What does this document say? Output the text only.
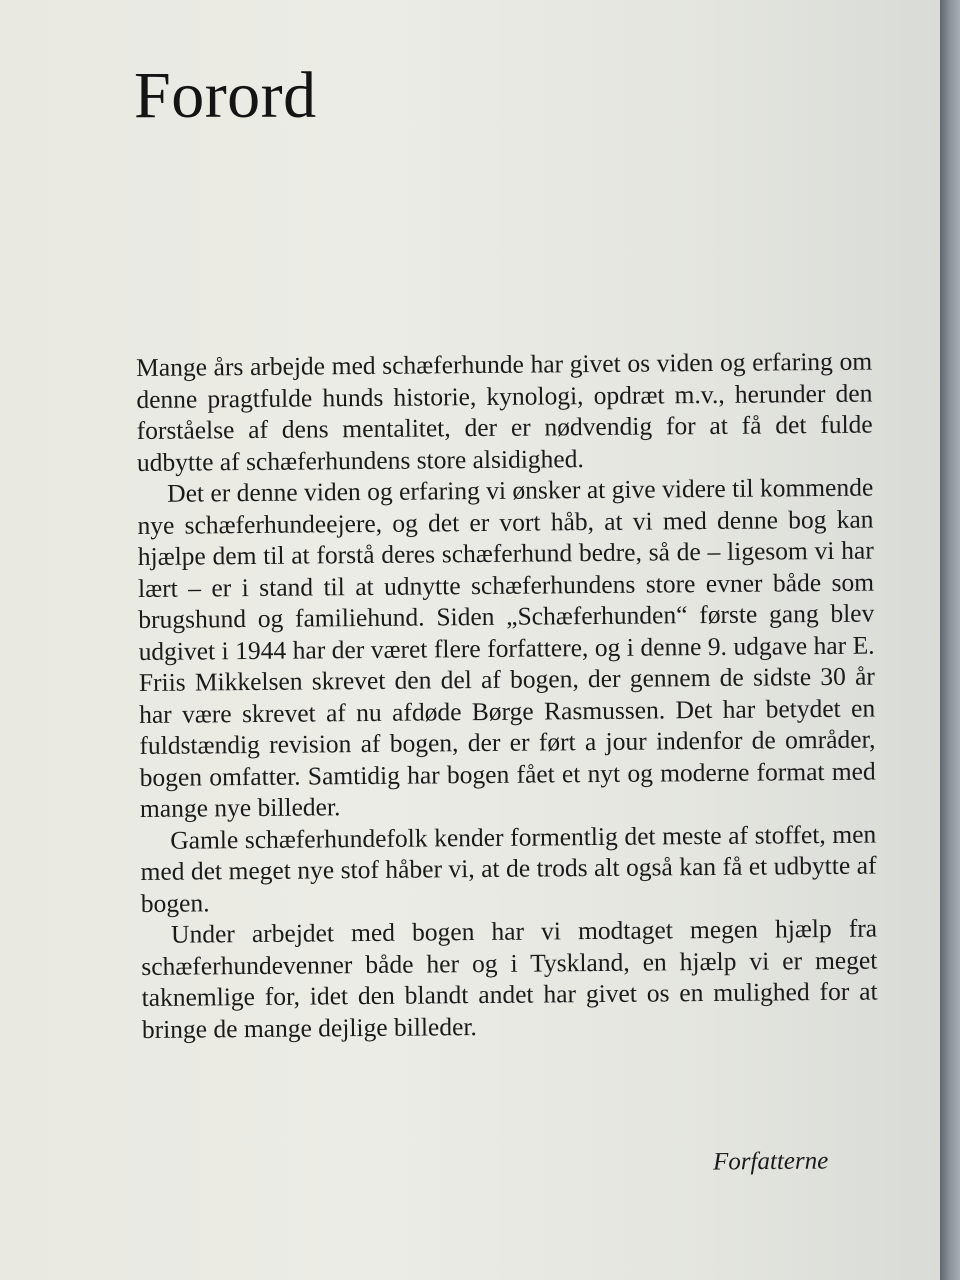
Forord

Mange års arbejde med schæferhunde har givet os viden og erfaring om denne pragtfulde hunds historie, kynologi, opdræt m.v., herunder den forståelse af dens mentalitet, der er nødvendig for at få det fulde udbytte af schæferhundens store alsidighed.

Det er denne viden og erfaring vi ønsker at give videre til kommende nye schæferhundeejere, og det er vort håb, at vi med denne bog kan hjælpe dem til at forstå deres schæferhund bedre, så de – ligesom vi har lært – er i stand til at udnytte schæferhundens store evner både som brugshund og familiehund. Siden „Schæferhunden“ første gang blev udgivet i 1944 har der været flere forfattere, og i denne 9. udgave har E. Friis Mikkelsen skrevet den del af bogen, der gennem de sidste 30 år har være skrevet af nu afdøde Børge Rasmussen. Det har betydet en fuldstændig revision af bogen, der er ført a jour indenfor de områder, bogen omfatter. Samtidig har bogen fået et nyt og moderne format med mange nye billeder.

Gamle schæferhundefolk kender formentlig det meste af stoffet, men med det meget nye stof håber vi, at de trods alt også kan få et udbytte af bogen.

Under arbejdet med bogen har vi modtaget megen hjælp fra schæferhundevenner både her og i Tyskland, en hjælp vi er meget taknemlige for, idet den blandt andet har givet os en mulighed for at bringe de mange dejlige billeder.

Forfatterne
